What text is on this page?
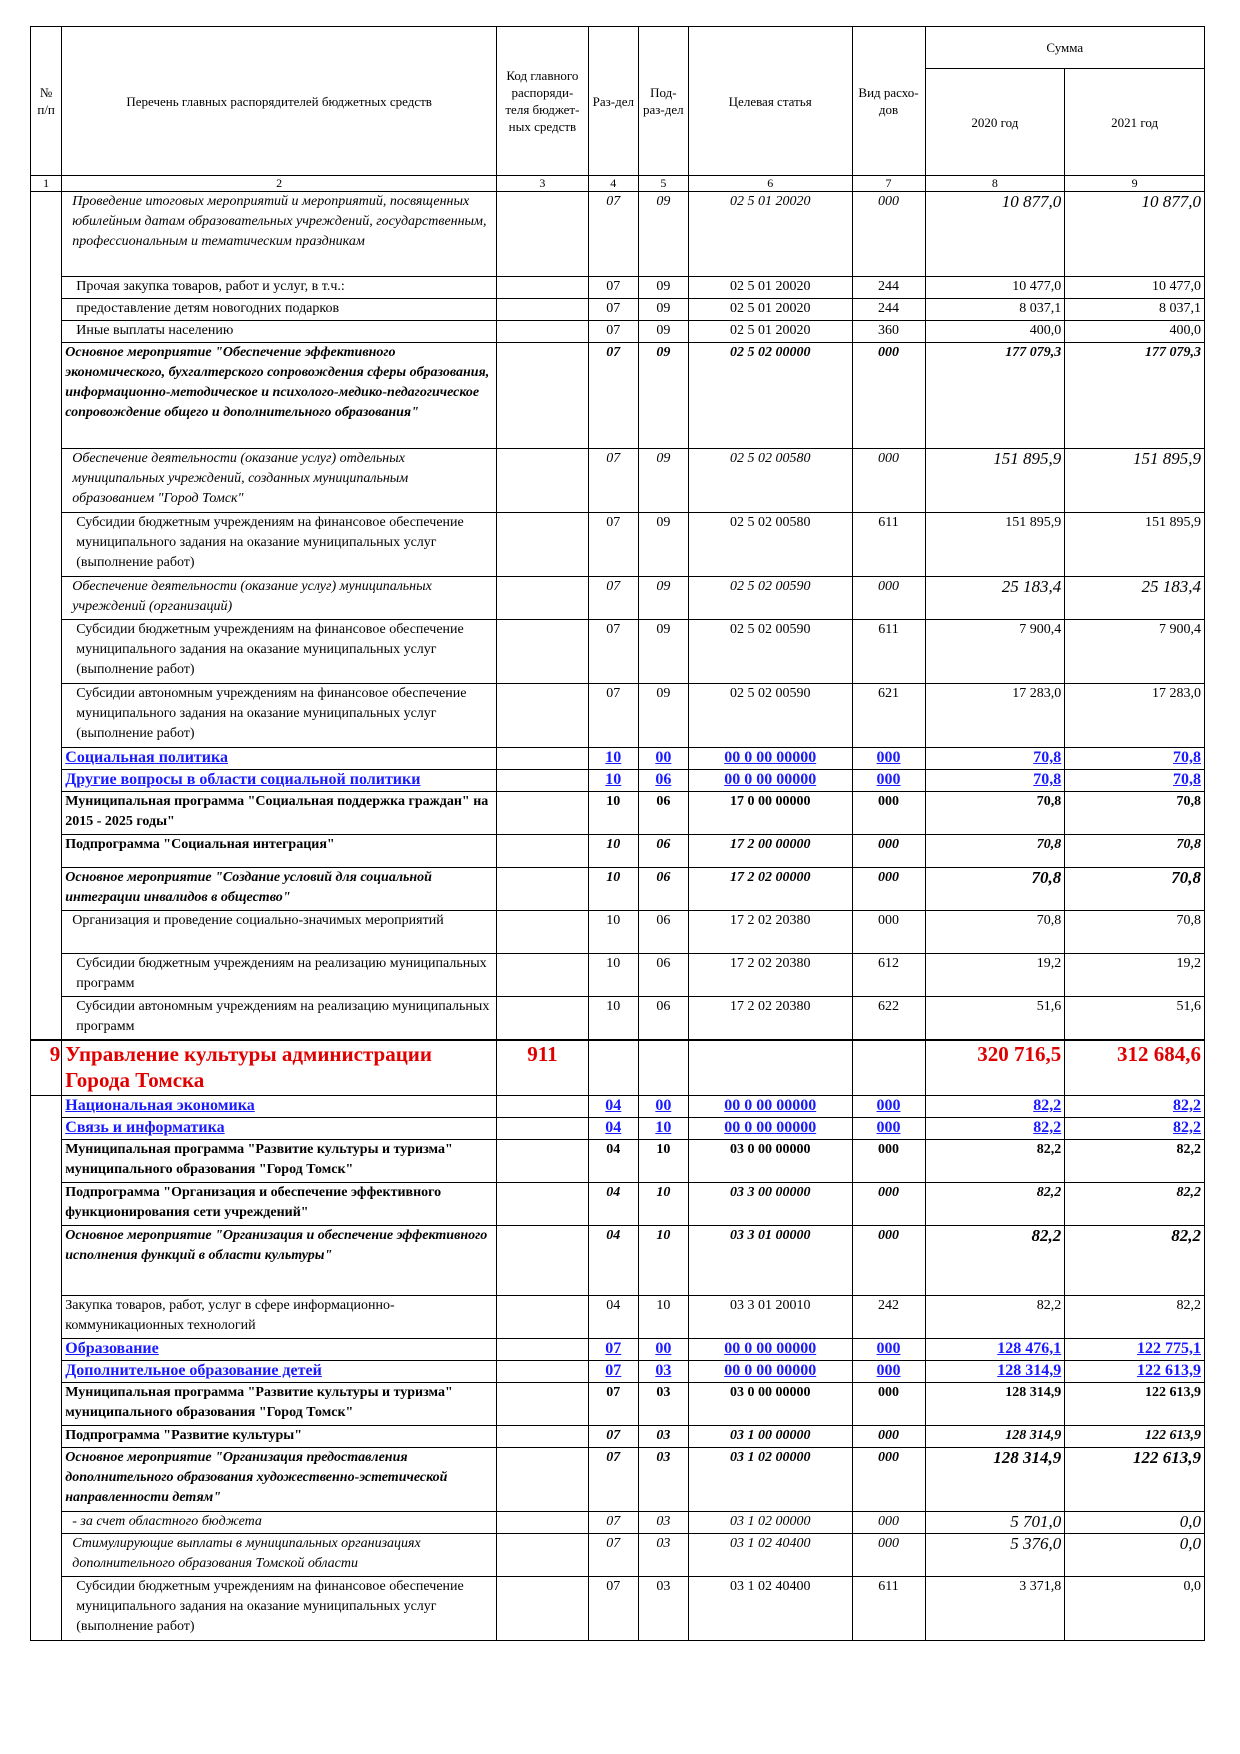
№ п/п	Перечень главных распорядителей бюджетных средств	Код главного распоряди-теля бюджет-ных средств	Раз-дел	Под-раз-дел	Целевая статья	Вид расхо-дов	Сумма	
							2020 год	2021 год
1	2	3	4	5	6	7	8	9
	Проведение итоговых мероприятий и мероприятий, посвященных юбилейным датам образовательных учреждений, государственным, профессиональным и тематическим праздникам		07	09	02 5 01 20020	000	10 877,0	10 877,0
	Прочая закупка товаров, работ и услуг, в т.ч.:		07	09	02 5 01 20020	244	10 477,0	10 477,0
	предоставление детям новогодних подарков		07	09	02 5 01 20020	244	8 037,1	8 037,1
	Иные выплаты населению		07	09	02 5 01 20020	360	400,0	400,0
	Основное мероприятие "Обеспечение эффективного экономического, бухгалтерского сопровождения сферы образования, информационно-методическое и психолого-медико-педагогическое сопровождение общего и дополнительного образования"		07	09	02 5 02 00000	000	177 079,3	177 079,3
	Обеспечение деятельности (оказание услуг) отдельных муниципальных учреждений, созданных муниципальным образованием "Город Томск"		07	09	02 5 02 00580	000	151 895,9	151 895,9
	Субсидии бюджетным учреждениям на финансовое обеспечение муниципального задания на оказание муниципальных услуг (выполнение работ)		07	09	02 5 02 00580	611	151 895,9	151 895,9
	Обеспечение деятельности (оказание услуг) муниципальных учреждений (организаций)		07	09	02 5 02 00590	000	25 183,4	25 183,4
	Субсидии бюджетным учреждениям на финансовое обеспечение муниципального задания на оказание муниципальных услуг (выполнение работ)		07	09	02 5 02 00590	611	7 900,4	7 900,4
	Субсидии автономным учреждениям на финансовое обеспечение муниципального задания на оказание муниципальных услуг (выполнение работ)		07	09	02 5 02 00590	621	17 283,0	17 283,0
	Социальная политика		10	00	00 0 00 00000	000	70,8	70,8
	Другие вопросы в области социальной политики		10	06	00 0 00 00000	000	70,8	70,8
	Муниципальная программа "Социальная поддержка граждан" на 2015 - 2025 годы"		10	06	17 0 00 00000	000	70,8	70,8
	Подпрограмма "Социальная интеграция"		10	06	17 2 00 00000	000	70,8	70,8
	Основное мероприятие "Создание условий для социальной интеграции инвалидов в общество"		10	06	17 2 02 00000	000	70,8	70,8
	Организация и проведение социально-значимых мероприятий		10	06	17 2 02 20380	000	70,8	70,8
	Субсидии бюджетным учреждениям на реализацию муниципальных программ		10	06	17 2 02 20380	612	19,2	19,2
	Субсидии автономным учреждениям на реализацию муниципальных программ		10	06	17 2 02 20380	622	51,6	51,6
9	Управление культуры администрации Города Томска	911					320 716,5	312 684,6
	Национальная экономика		04	00	00 0 00 00000	000	82,2	82,2
	Связь и информатика		04	10	00 0 00 00000	000	82,2	82,2
	Муниципальная программа "Развитие культуры и туризма" муниципального образования "Город Томск"		04	10	03 0 00 00000	000	82,2	82,2
	Подпрограмма "Организация и обеспечение эффективного функционирования сети учреждений"		04	10	03 3 00 00000	000	82,2	82,2
	Основное мероприятие "Организация и обеспечение эффективного исполнения функций в области культуры"		04	10	03 3 01 00000	000	82,2	82,2
	Закупка товаров, работ, услуг в сфере информационно-коммуникационных технологий		04	10	03 3 01 20010	242	82,2	82,2
	Образование		07	00	00 0 00 00000	000	128 476,1	122 775,1
	Дополнительное образование детей		07	03	00 0 00 00000	000	128 314,9	122 613,9
	Муниципальная программа "Развитие культуры и туризма" муниципального образования "Город Томск"		07	03	03 0 00 00000	000	128 314,9	122 613,9
	Подпрограмма "Развитие культуры"		07	03	03 1 00 00000	000	128 314,9	122 613,9
	Основное мероприятие "Организация предоставления дополнительного образования художественно-эстетической направленности детям"		07	03	03 1 02 00000	000	128 314,9	122 613,9
	- за счет областного бюджета		07	03	03 1 02 00000	000	5 701,0	0,0
	Стимулирующие выплаты в муниципальных организациях дополнительного образования Томской области		07	03	03 1 02 40400	000	5 376,0	0,0
	Субсидии бюджетным учреждениям на финансовое обеспечение муниципального задания на оказание муниципальных услуг (выполнение работ)		07	03	03 1 02 40400	611	3 371,8	0,0
